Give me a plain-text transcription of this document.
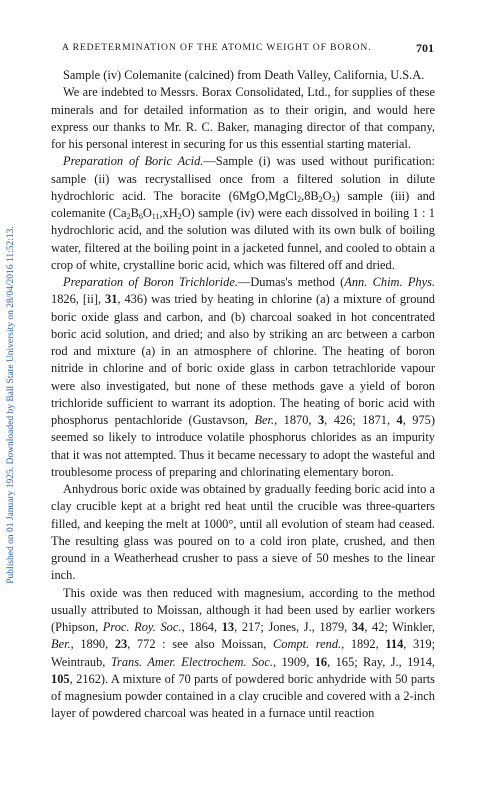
Published on 01 January 1925. Downloaded by Ball State University on 28/04/2016 11:52:13.
A REDETERMINATION OF THE ATOMIC WEIGHT OF BORON.	701

Sample (iv) Colemanite (calcined) from Death Valley, California, U.S.A.

We are indebted to Messrs. Borax Consolidated, Ltd., for supplies of these minerals and for detailed information as to their origin, and would here express our thanks to Mr. R. C. Baker, managing director of that company, for his personal interest in securing for us this essential starting material.

Preparation of Boric Acid.—Sample (i) was used without purification: sample (ii) was recrystallised once from a filtered solution in dilute hydrochloric acid. The boracite $(6MgO,MgCl_2,8B_2O_3)$ sample (iii) and colemanite $(Ca_2B_6O_{11},xH_2O)$ sample (iv) were each dissolved in boiling 1 : 1 hydrochloric acid, and the solution was diluted with its own bulk of boiling water, filtered at the boiling point in a jacketed funnel, and cooled to obtain a crop of white, crystalline boric acid, which was filtered off and dried.

Preparation of Boron Trichloride.—Dumas's method (Ann. Chim. Phys. 1826, [ii], 31, 436) was tried by heating in chlorine (a) a mixture of ground boric oxide glass and carbon, and (b) charcoal soaked in hot concentrated boric acid solution, and dried; and also by striking an arc between a carbon rod and mixture (a) in an atmosphere of chlorine. The heating of boron nitride in chlorine and of boric oxide glass in carbon tetrachloride vapour were also investigated, but none of these methods gave a yield of boron trichloride sufficient to warrant its adoption. The heating of boric acid with phosphorus pentachloride (Gustavson, Ber., 1870, 3, 426; 1871, 4, 975) seemed so likely to introduce volatile phosphorus chlorides as an impurity that it was not attempted. Thus it became necessary to adopt the wasteful and troublesome process of preparing and chlorinating elementary boron.

Anhydrous boric oxide was obtained by gradually feeding boric acid into a clay crucible kept at a bright red heat until the crucible was three-quarters filled, and keeping the melt at 1000°, until all evolution of steam had ceased. The resulting glass was poured on to a cold iron plate, crushed, and then ground in a Weatherhead crusher to pass a sieve of 50 meshes to the linear inch.

This oxide was then reduced with magnesium, according to the method usually attributed to Moissan, although it had been used by earlier workers (Phipson, Proc. Roy. Soc., 1864, 13, 217; Jones, J., 1879, 34, 42; Winkler, Ber., 1890, 23, 772 : see also Moissan, Compt. rend., 1892, 114, 319; Weintraub, Trans. Amer. Electrochem. Soc., 1909, 16, 165; Ray, J., 1914, 105, 2162). A mixture of 70 parts of powdered boric anhydride with 50 parts of magnesium powder contained in a clay crucible and covered with a 2-inch layer of powdered charcoal was heated in a furnace until reaction
